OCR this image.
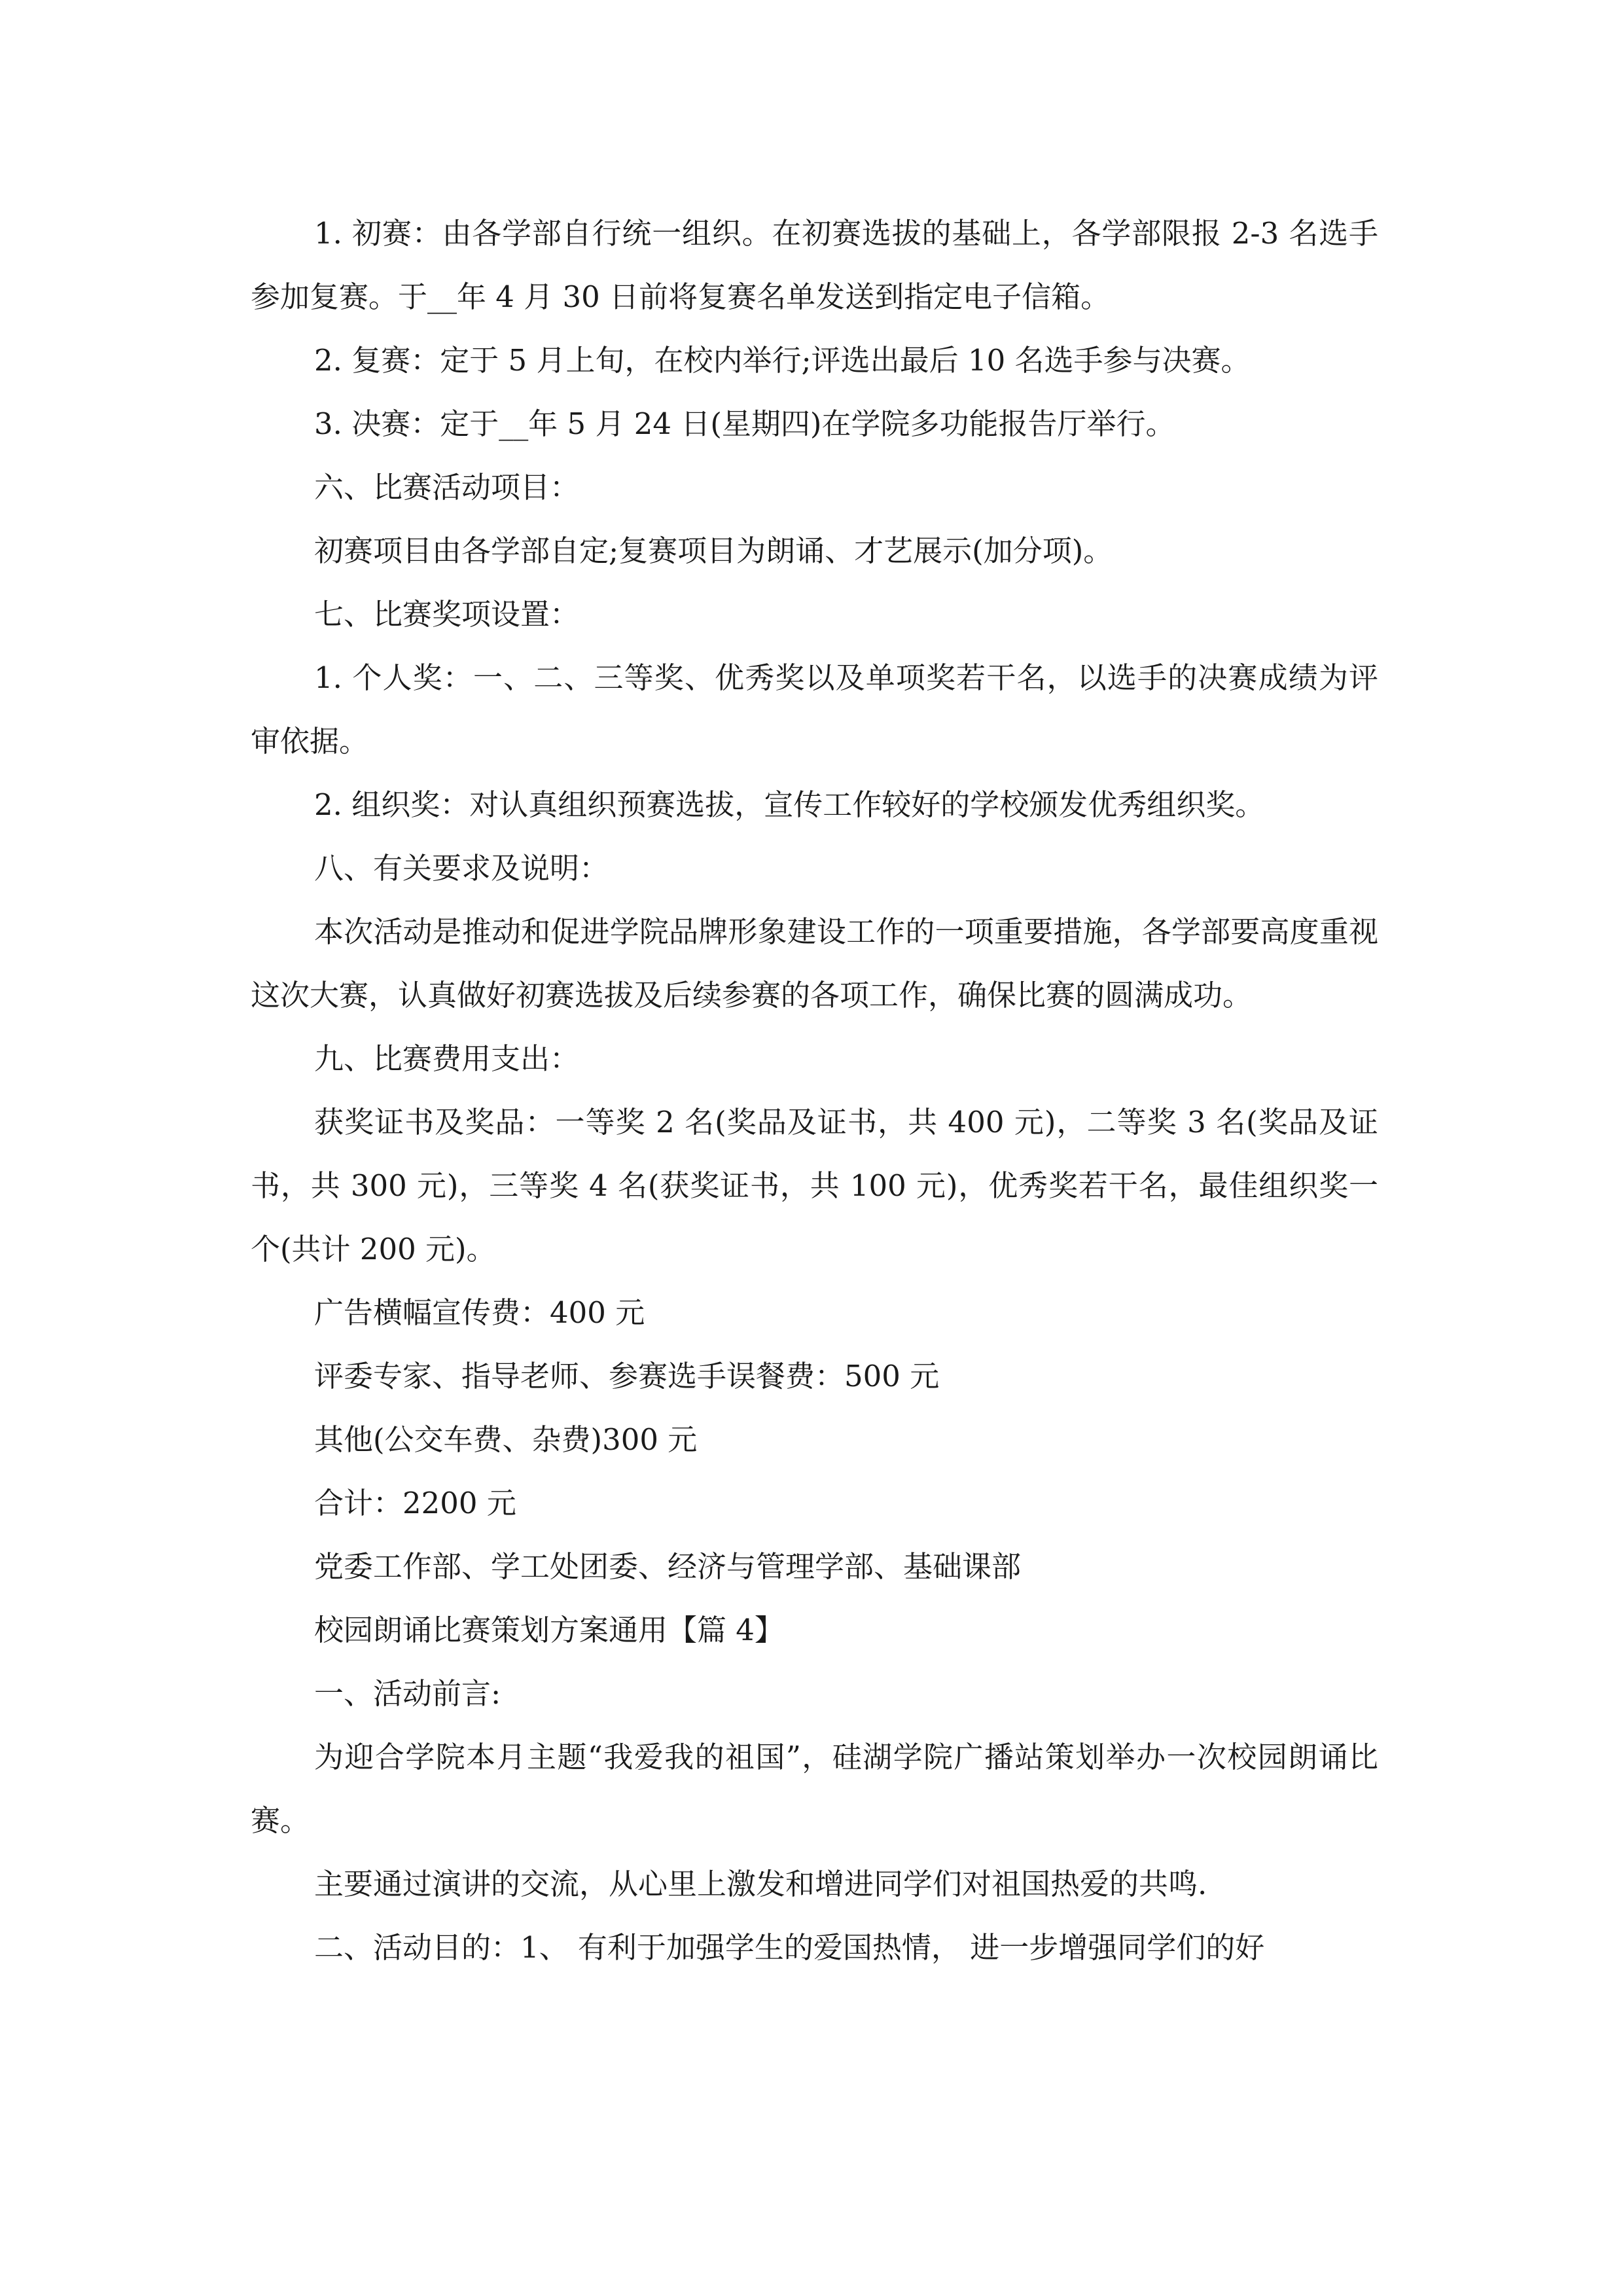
1. 初赛：由各学部自行统一组织。在初赛选拔的基础上，各学部限报 2-3 名选手参加复赛。于__年 4 月 30 日前将复赛名单发送到指定电子信箱。

2. 复赛：定于 5 月上旬，在校内举行;评选出最后 10 名选手参与决赛。

3. 决赛：定于__年 5 月 24 日(星期四)在学院多功能报告厅举行。

六、比赛活动项目：

初赛项目由各学部自定;复赛项目为朗诵、才艺展示(加分项)。

七、比赛奖项设置：

1. 个人奖：一、二、三等奖、优秀奖以及单项奖若干名，以选手的决赛成绩为评审依据。

2. 组织奖：对认真组织预赛选拔，宣传工作较好的学校颁发优秀组织奖。

八、有关要求及说明：

本次活动是推动和促进学院品牌形象建设工作的一项重要措施，各学部要高度重视这次大赛，认真做好初赛选拔及后续参赛的各项工作，确保比赛的圆满成功。

九、比赛费用支出：

获奖证书及奖品：一等奖 2 名(奖品及证书，共 400 元)，二等奖 3 名(奖品及证书，共 300 元)，三等奖 4 名(获奖证书，共 100 元)，优秀奖若干名，最佳组织奖一个(共计 200 元)。

广告横幅宣传费：400 元

评委专家、指导老师、参赛选手误餐费：500 元

其他(公交车费、杂费)300 元

合计：2200 元

党委工作部、学工处团委、经济与管理学部、基础课部

校园朗诵比赛策划方案通用【篇 4】

一、活动前言:

为迎合学院本月主题“我爱我的祖国”，硅湖学院广播站策划举办一次校园朗诵比赛。

主要通过演讲的交流，从心里上激发和增进同学们对祖国热爱的共鸣.

二、活动目的：1、 有利于加强学生的爱国热情， 进一步增强同学们的好
